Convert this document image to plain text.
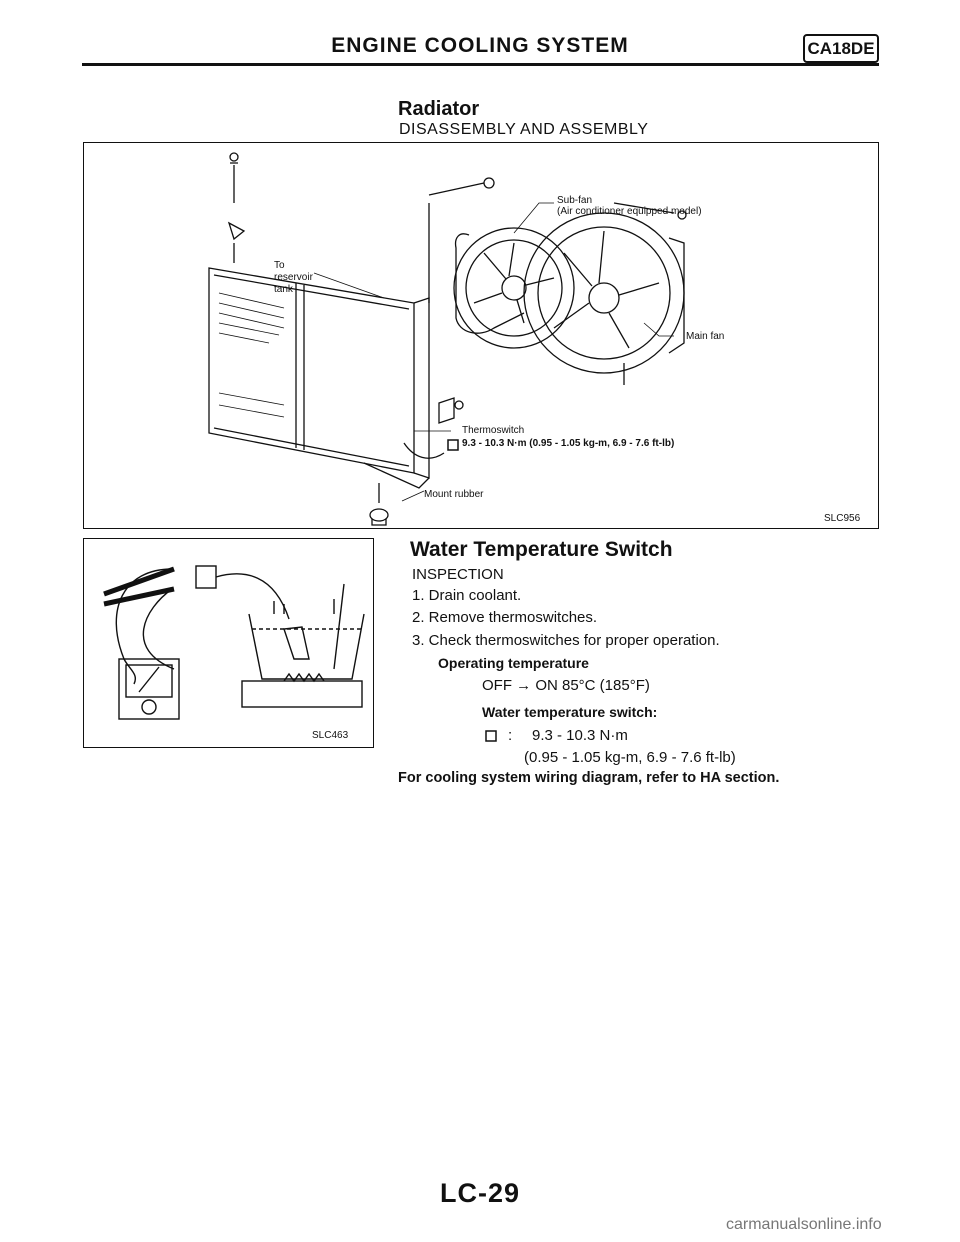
ENGINE COOLING SYSTEM	CA18DE
Radiator
DISASSEMBLY AND ASSEMBLY
Sub-fan
(Air conditioner equipped model)
To
reservoir
tank
Main fan
Thermoswitch
9.3 - 10.3 N·m (0.95 - 1.05 kg-m, 6.9 - 7.6 ft-lb)
Mount rubber
SLC956
SLC463
Water Temperature Switch
INSPECTION
1. Drain coolant.
2. Remove thermoswitches.
3. Check thermoswitches for proper operation.
Operating temperature
OFF → ON 85°C (185°F)
Water temperature switch:
: 9.3 - 10.3 N·m
(0.95 - 1.05 kg-m, 6.9 - 7.6 ft-lb)
For cooling system wiring diagram, refer to HA section.
LC-29
carmanualsonline.info
